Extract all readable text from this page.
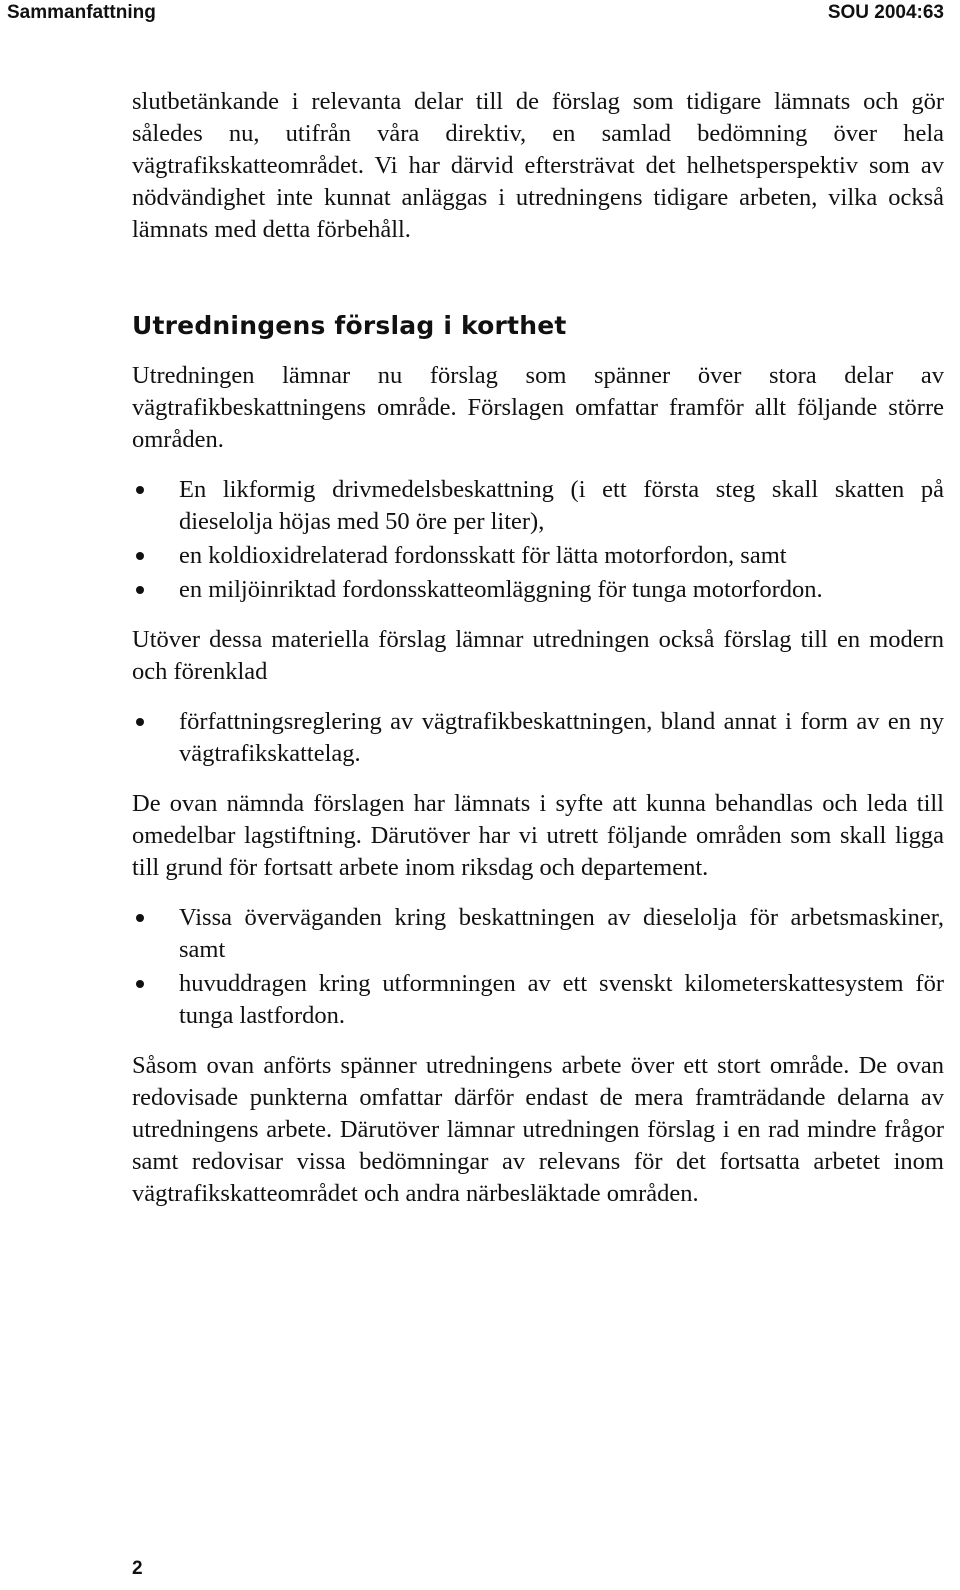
Sammanfattning	SOU 2004:63

slutbetänkande i relevanta delar till de förslag som tidigare lämnats och gör således nu, utifrån våra direktiv, en samlad bedömning över hela vägtrafikskatteområdet. Vi har därvid eftersträvat det helhetsperspektiv som av nödvändighet inte kunnat anläggas i utredningens tidigare arbeten, vilka också lämnats med detta förbehåll.

Utredningens förslag i korthet

Utredningen lämnar nu förslag som spänner över stora delar av vägtrafikbeskattningens område. Förslagen omfattar framför allt följande större områden.

En likformig drivmedelsbeskattning (i ett första steg skall skatten på dieselolja höjas med 50 öre per liter),
en koldioxidrelaterad fordonsskatt för lätta motorfordon, samt
en miljöinriktad fordonsskatteomläggning för tunga motorfordon.

Utöver dessa materiella förslag lämnar utredningen också förslag till en modern och förenklad

författningsreglering av vägtrafikbeskattningen, bland annat i form av en ny vägtrafikskattelag.

De ovan nämnda förslagen har lämnats i syfte att kunna behandlas och leda till omedelbar lagstiftning. Därutöver har vi utrett följande områden som skall ligga till grund för fortsatt arbete inom riksdag och departement.

Vissa överväganden kring beskattningen av dieselolja för arbetsmaskiner, samt
huvuddragen kring utformningen av ett svenskt kilometerskattesystem för tunga lastfordon.

Såsom ovan anförts spänner utredningens arbete över ett stort område. De ovan redovisade punkterna omfattar därför endast de mera framträdande delarna av utredningens arbete. Därutöver lämnar utredningen förslag i en rad mindre frågor samt redovisar vissa bedömningar av relevans för det fortsatta arbetet inom vägtrafikskatteområdet och andra närbesläktade områden.

2
